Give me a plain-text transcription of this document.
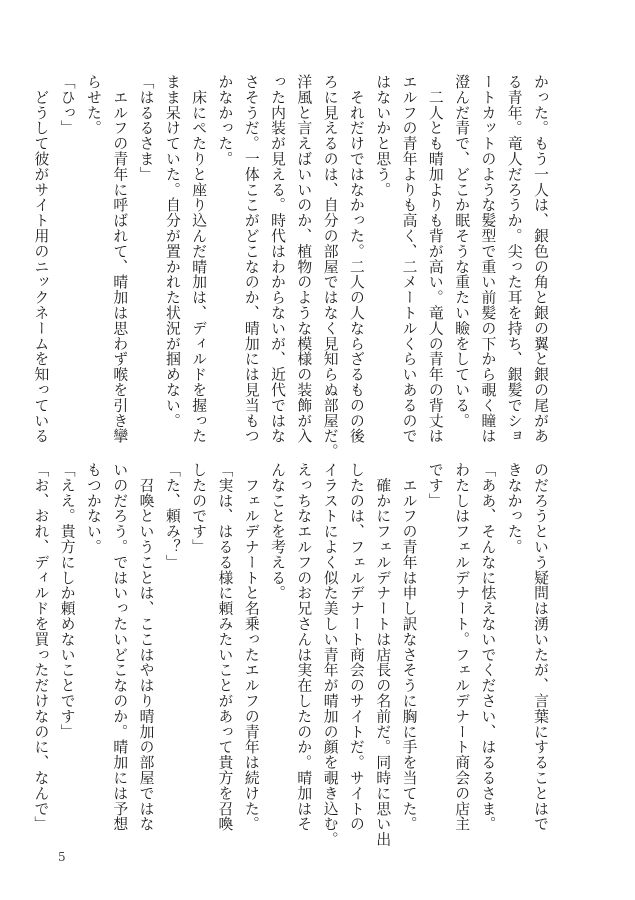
かった。もう一人は、銀色の角と銀の翼と銀の尾があ

る青年。竜人だろうか。尖った耳を持ち、銀髪でショ

ートカットのような髪型で重い前髪の下から覗く瞳は

澄んだ青で、どこか眠そうな重たい瞼をしている。

　二人とも晴加よりも背が高い。竜人の青年の背丈は

エルフの青年よりも高く、二メートルくらいあるので

はないかと思う。

　それだけではなかった。二人の人ならざるものの後

ろに見えるのは、自分の部屋ではなく見知らぬ部屋だ。

洋風と言えばいいのか、植物のような模様の装飾が入

った内装が見える。時代はわからないが、近代ではな

さそうだ。一体ここがどこなのか、晴加には見当もつ

かなかった。

　床にぺたりと座り込んだ晴加は、ディルドを握った

まま呆けていた。自分が置かれた状況が掴めない。

「はるるさま」

　エルフの青年に呼ばれて、晴加は思わず喉を引き攣

らせた。

「ひっ」

　どうして彼がサイト用のニックネームを知っている

のだろうという疑問は湧いたが、言葉にすることはで

きなかった。

「ああ、そんなに怯えないでください、はるるさま。

わたしはフェルデナート。フェルデナート商会の店主

です」

　エルフの青年は申し訳なさそうに胸に手を当てた。

　確かにフェルデナートは店長の名前だ。同時に思い出

したのは、フェルデナート商会のサイトだ。サイトの

イラストによく似た美しい青年が晴加の顔を覗き込む。

えっちなエルフのお兄さんは実在したのか。晴加はそ

んなことを考える。

　フェルデナートと名乗ったエルフの青年は続けた。

「実は、はるる様に頼みたいことがあって貴方を召喚

したのです」

「た、頼み？」

　召喚ということは、ここはやはり晴加の部屋ではな

いのだろう。ではいったいどこなのか。晴加には予想

もつかない。

「ええ。貴方にしか頼めないことです」

「お、おれ、ディルドを買っただけなのに、なんで」

5
